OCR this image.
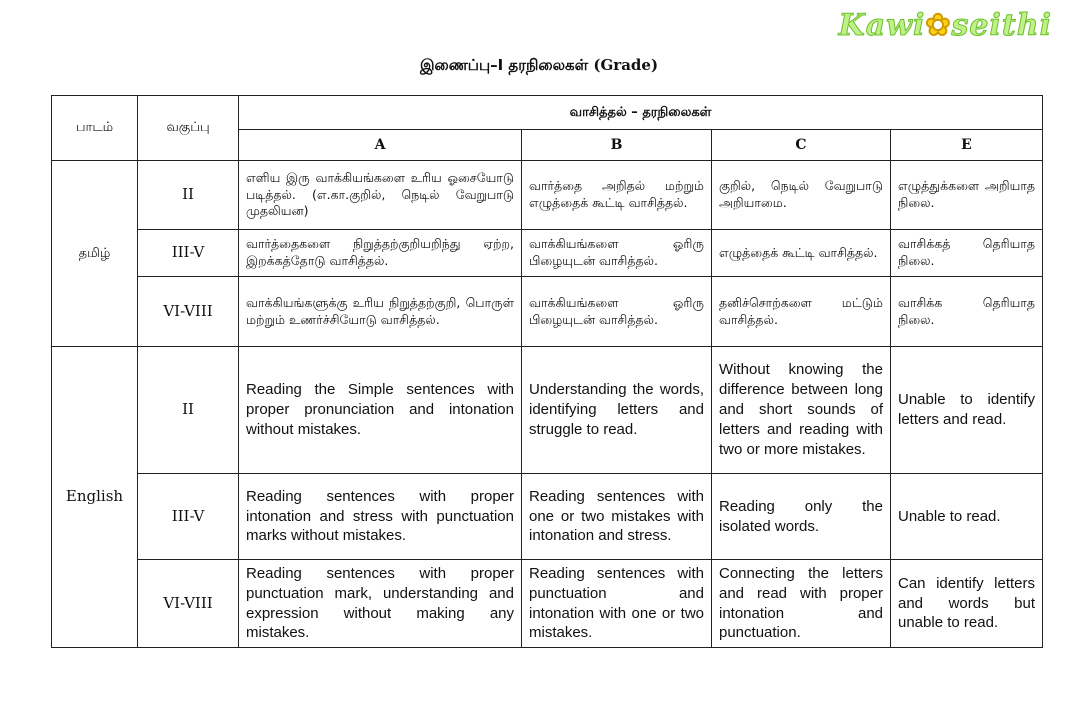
Kawi✿seithi
இணைப்பு–I தரநிலைகள் (Grade)
பாடம்	வகுப்பு	வாசித்தல் – தரநிலைகள்			
		A	B	C	E
தமிழ்	II	எளிய இரு வாக்கியங்களை உரிய ஓசையோடு படித்தல். (எ.கா.குறில், நெடில் வேறுபாடு முதலியன)	வார்த்தை அறிதல் மற்றும் எழுத்தைக் கூட்டி வாசித்தல்.	குறில், நெடில் வேறுபாடு அறியாமை.	எழுத்துக்களை அறியாத நிலை.
	III-V	வார்த்தைகளை நிறுத்தற்குறியறிந்து ஏற்ற, இறக்கத்தோடு வாசித்தல்.	வாக்கியங்களை ஓரிரு பிழையுடன் வாசித்தல்.	எழுத்தைக் கூட்டி வாசித்தல்.	வாசிக்கத் தெரியாத நிலை.
	VI-VIII	வாக்கியங்களுக்கு உரிய நிறுத்தற்குறி, பொருள் மற்றும் உணர்ச்சியோடு வாசித்தல்.	வாக்கியங்களை ஓரிரு பிழையுடன் வாசித்தல்.	தனிச்சொற்களை மட்டும் வாசித்தல்.	வாசிக்க தெரியாத நிலை.
English	II	Reading the Simple sentences with proper pronunciation and intonation without mistakes.	Understanding the words, identifying letters and struggle to read.	Without knowing the difference between long and short sounds of letters and reading with two or more mistakes.	Unable to identify letters and read.
	III-V	Reading sentences with proper intonation and stress with punctuation marks without mistakes.	Reading sentences with one or two mistakes with intonation and stress.	Reading only the isolated words.	Unable to read.
	VI-VIII	Reading sentences with proper punctuation mark, understanding and expression without making any mistakes.	Reading sentences with punctuation and intonation with one or two mistakes.	Connecting the letters and read with proper intonation and punctuation.	Can identify letters and words but unable to read.
